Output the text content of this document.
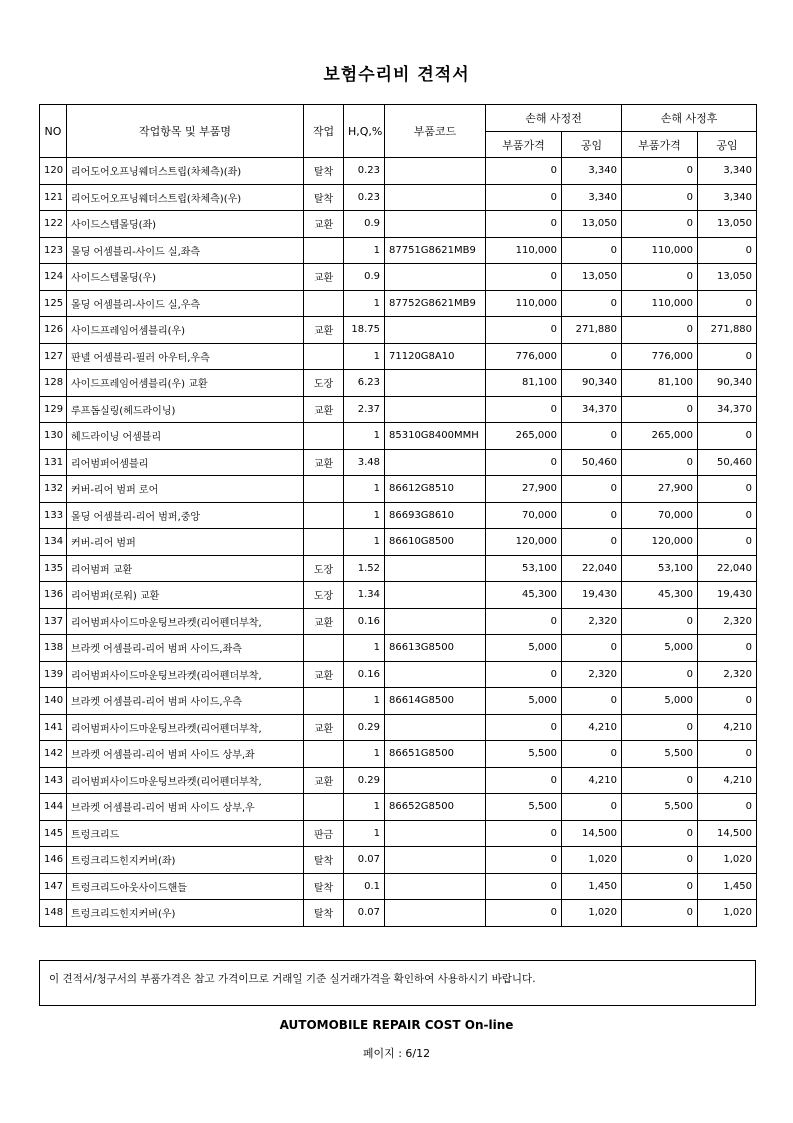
보험수리비 견적서
NO	작업항목 및 부품명	작업	H,Q,%	부품코드	손해 사정전		손해 사정후	
					부품가격	공임	부품가격	공임
120	리어도어오프닝웨더스트립(차체측)(좌)	탈착	0.23		0	3,340	0	3,340
121	리어도어오프닝웨더스트립(차체측)(우)	탈착	0.23		0	3,340	0	3,340
122	사이드스텝몰딩(좌)	교환	0.9		0	13,050	0	13,050
123	몰딩 어셈블리-사이드 실,좌측		1	87751G8621MB9	110,000	0	110,000	0
124	사이드스텝몰딩(우)	교환	0.9		0	13,050	0	13,050
125	몰딩 어셈블리-사이드 실,우측		1	87752G8621MB9	110,000	0	110,000	0
126	사이드프레임어셈블리(우)	교환	18.75		0	271,880	0	271,880
127	판넬 어셈블리-필러 아우터,우측		1	71120G8A10	776,000	0	776,000	0
128	사이드프레임어셈블리(우) 교환	도장	6.23		81,100	90,340	81,100	90,340
129	루프돔실링(헤드라이닝)	교환	2.37		0	34,370	0	34,370
130	헤드라이닝 어셈블리		1	85310G8400MMH	265,000	0	265,000	0
131	리어범퍼어셈블리	교환	3.48		0	50,460	0	50,460
132	커버-리어 범퍼 로어		1	86612G8510	27,900	0	27,900	0
133	몰딩 어셈블리-리어 범퍼,중앙		1	86693G8610	70,000	0	70,000	0
134	커버-리어 범퍼		1	86610G8500	120,000	0	120,000	0
135	리어범퍼 교환	도장	1.52		53,100	22,040	53,100	22,040
136	리어범퍼(로워) 교환	도장	1.34		45,300	19,430	45,300	19,430
137	리어범퍼사이드마운팅브라켓(리어펜더부착,	교환	0.16		0	2,320	0	2,320
138	브라켓 어셈블리-리어 범퍼 사이드,좌측		1	86613G8500	5,000	0	5,000	0
139	리어범퍼사이드마운팅브라켓(리어펜더부착,	교환	0.16		0	2,320	0	2,320
140	브라켓 어셈블리-리어 범퍼 사이드,우측		1	86614G8500	5,000	0	5,000	0
141	리어범퍼사이드마운팅브라켓(리어펜더부착,	교환	0.29		0	4,210	0	4,210
142	브라켓 어셈블리-리어 범퍼 사이드 상부,좌		1	86651G8500	5,500	0	5,500	0
143	리어범퍼사이드마운팅브라켓(리어펜더부착,	교환	0.29		0	4,210	0	4,210
144	브라켓 어셈블리-리어 범퍼 사이드 상부,우		1	86652G8500	5,500	0	5,500	0
145	트렁크리드	판금	1		0	14,500	0	14,500
146	트렁크리드힌지커버(좌)	탈착	0.07		0	1,020	0	1,020
147	트렁크리드아웃사이드핸들	탈착	0.1		0	1,450	0	1,450
148	트렁크리드힌지커버(우)	탈착	0.07		0	1,020	0	1,020
이 견적서/청구서의 부품가격은 참고 가격이므로 거래일 기준 실거래가격을 확인하여 사용하시기 바랍니다.
AUTOMOBILE REPAIR COST On-line
페이지 : 6/12
